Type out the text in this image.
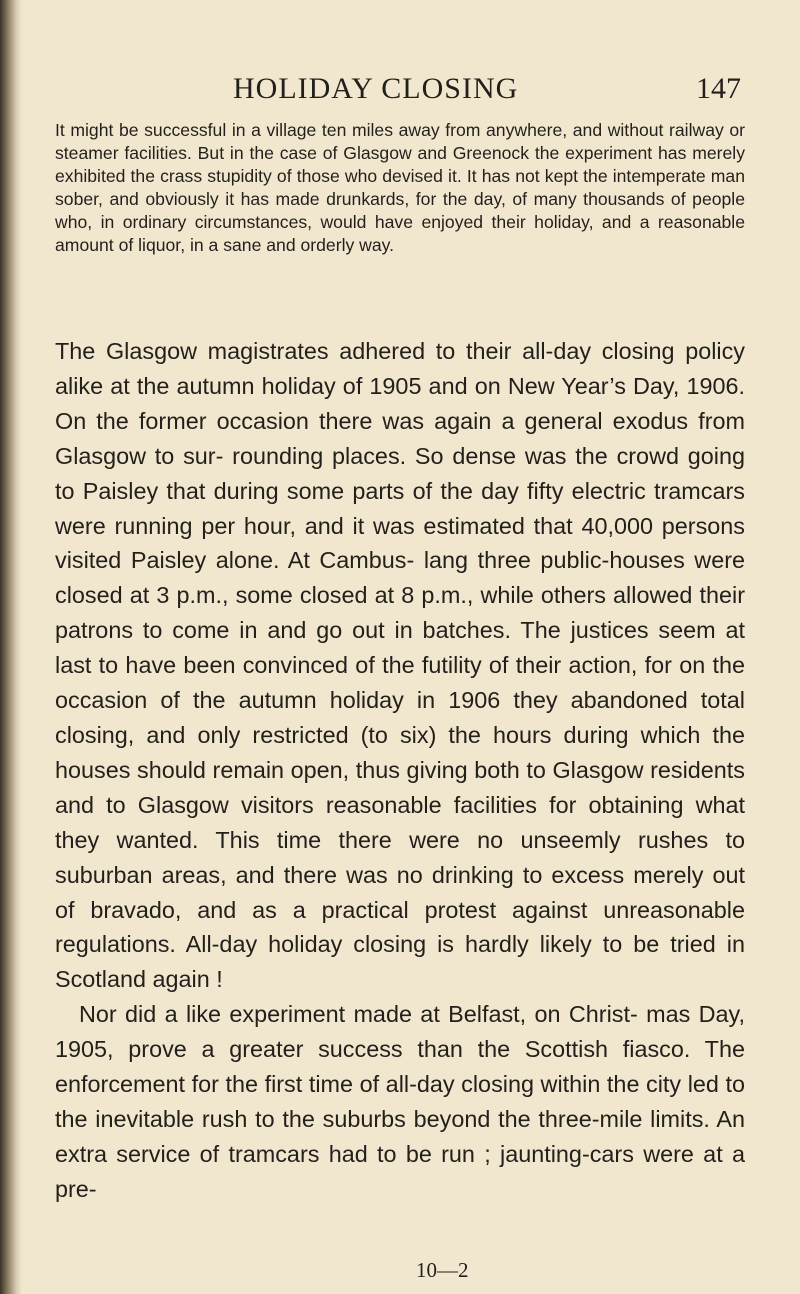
HOLIDAY CLOSING	147

It might be successful in a village ten miles away from anywhere, and without railway or steamer facilities. But in the case of Glasgow and Greenock the experiment has merely exhibited the crass stupidity of those who devised it. It has not kept the intemperate man sober, and obviously it has made drunkards, for the day, of many thousands of people who, in ordinary circumstances, would have enjoyed their holiday, and a reasonable amount of liquor, in a sane and orderly way.

The Glasgow magistrates adhered to their all-day closing policy alike at the autumn holiday of 1905 and on New Year’s Day, 1906. On the former occasion there was again a general exodus from Glasgow to sur- rounding places. So dense was the crowd going to Paisley that during some parts of the day fifty electric tramcars were running per hour, and it was estimated that 40,000 persons visited Paisley alone. At Cambus- lang three public-houses were closed at 3 p.m., some closed at 8 p.m., while others allowed their patrons to come in and go out in batches. The justices seem at last to have been convinced of the futility of their action, for on the occasion of the autumn holiday in 1906 they abandoned total closing, and only restricted (to six) the hours during which the houses should remain open, thus giving both to Glasgow residents and to Glasgow visitors reasonable facilities for obtaining what they wanted. This time there were no unseemly rushes to suburban areas, and there was no drinking to excess merely out of bravado, and as a practical protest against unreasonable regulations. All-day holiday closing is hardly likely to be tried in Scotland again !

Nor did a like experiment made at Belfast, on Christ- mas Day, 1905, prove a greater success than the Scottish fiasco. The enforcement for the first time of all-day closing within the city led to the inevitable rush to the suburbs beyond the three-mile limits. An extra service of tramcars had to be run ; jaunting-cars were at a pre-

10—2
